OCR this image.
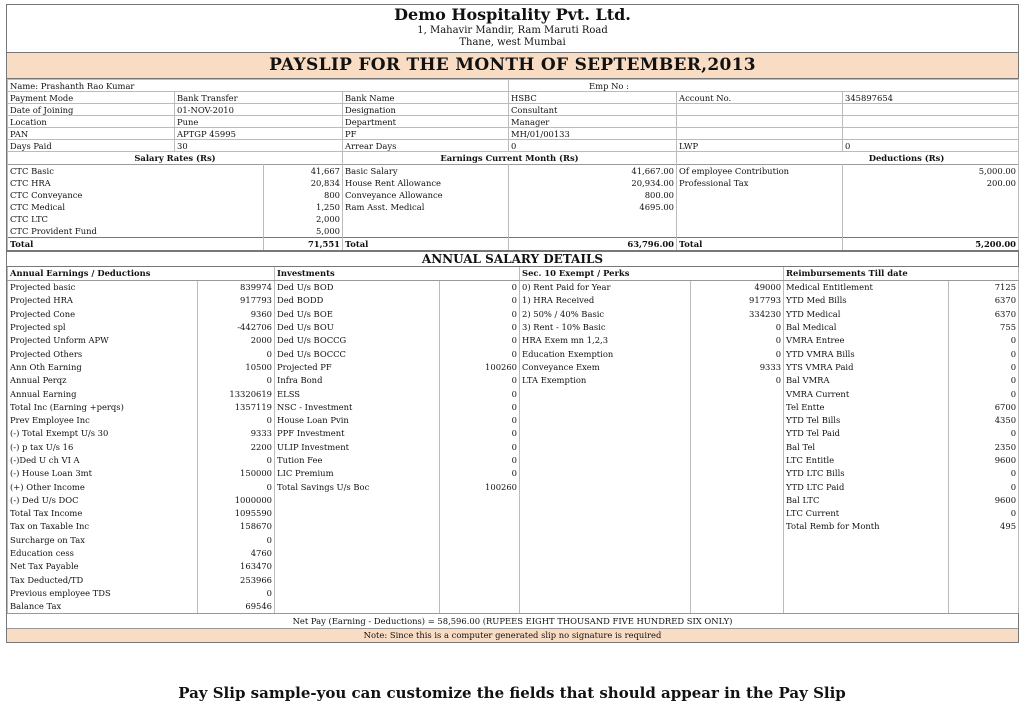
Demo Hospitality Pvt. Ltd.
1, Mahavir Mandir, Ram Maruti Road
Thane, west Mumbai
PAYSLIP FOR THE MONTH OF SEPTEMBER,2013
Name: Prashanth Rao Kumar			Emp No :		
Payment Mode	Bank Transfer	Bank Name	HSBC	Account No.	345897654
Date of Joining	01-NOV-2010	Designation	Consultant		
Location	Pune	Department	Manager		
PAN	APTGP 45995	PF	MH/01/00133		
Days Paid	30	Arrear Days	0	LWP	0
Salary Rates (Rs)		Earnings Current Month (Rs)		Deductions (Rs)	
CTC Basic	41,667	Basic Salary	41,667.00	Of employee Contribution	5,000.00
CTC HRA	20,834	House Rent Allowance	20,934.00	Professional Tax	200.00
CTC Conveyance	800	Conveyance Allowance	800.00		
CTC Medical	1,250	Ram Asst. Medical	4695.00		
CTC LTC	2,000				
CTC Provident Fund	5,000				
Total	71,551	Total	63,796.00	Total	5,200.00
ANNUAL SALARY DETAILS
Annual Earnings / Deductions		Investments		Sec. 10 Exempt / Perks		Reimbursements Till date	
Projected basic	839974	Ded U/s BOD	0	0) Rent Paid for Year	49000	Medical Entitlement	7125
Projected HRA	917793	Ded BODD	0	1) HRA Received	917793	YTD Med Bills	6370
Projected Cone	9360	Ded U/s BOE	0	2) 50% / 40% Basic	334230	YTD Medical	6370
Projected spl	-442706	Ded U/s BOU	0	3) Rent - 10% Basic	0	Bal Medical	755
Projected Unform APW	2000	Ded U/s BOCCG	0	HRA Exem mn 1,2,3	0	VMRA Entree	0
Projected Others	0	Ded U/s BOCCC	0	Education Exemption	0	YTD VMRA Bills	0
Ann Oth Earning	10500	Projected PF	100260	Conveyance Exem	9333	YTS VMRA Paid	0
Annual Perqz	0	Infra Bond	0	LTA Exemption	0	Bal VMRA	0
Annual Earning	13320619	ELSS	0			VMRA Current	0
Total Inc (Earning +perqs)	1357119	NSC - Investment	0			Tel Entte	6700
Prev Employee Inc	0	House Loan Pvin	0			YTD Tel Bills	4350
(-) Total Exempt U/s 30	9333	PPF Investment	0			YTD Tel Paid	0
(-) p tax U/s 16	2200	ULIP Investment	0			Bal Tel	2350
(-)Ded U ch VI A	0	Tution Fee	0			LTC Entitle	9600
(-) House Loan 3mt	150000	LIC Premium	0			YTD LTC Bills	0
(+) Other Income	0	Total Savings U/s Boc	100260			YTD LTC Paid	0
(-) Ded U/s DOC	1000000					Bal LTC	9600
Total Tax Income	1095590					LTC Current	0
Tax on Taxable Inc	158670					Total Remb for Month	495
Surcharge on Tax	0						
Education cess	4760						
Net Tax Payable	163470						
Tax Deducted/TD	253966						
Previous employee TDS	0						
Balance Tax	69546						
Net Pay (Earning - Deductions) = 58,596.00 (RUPEES EIGHT THOUSAND FIVE HUNDRED SIX ONLY)
Note: Since this is a computer generated slip no signature is required
Pay Slip sample-you can customize the fields that should appear in the Pay Slip
